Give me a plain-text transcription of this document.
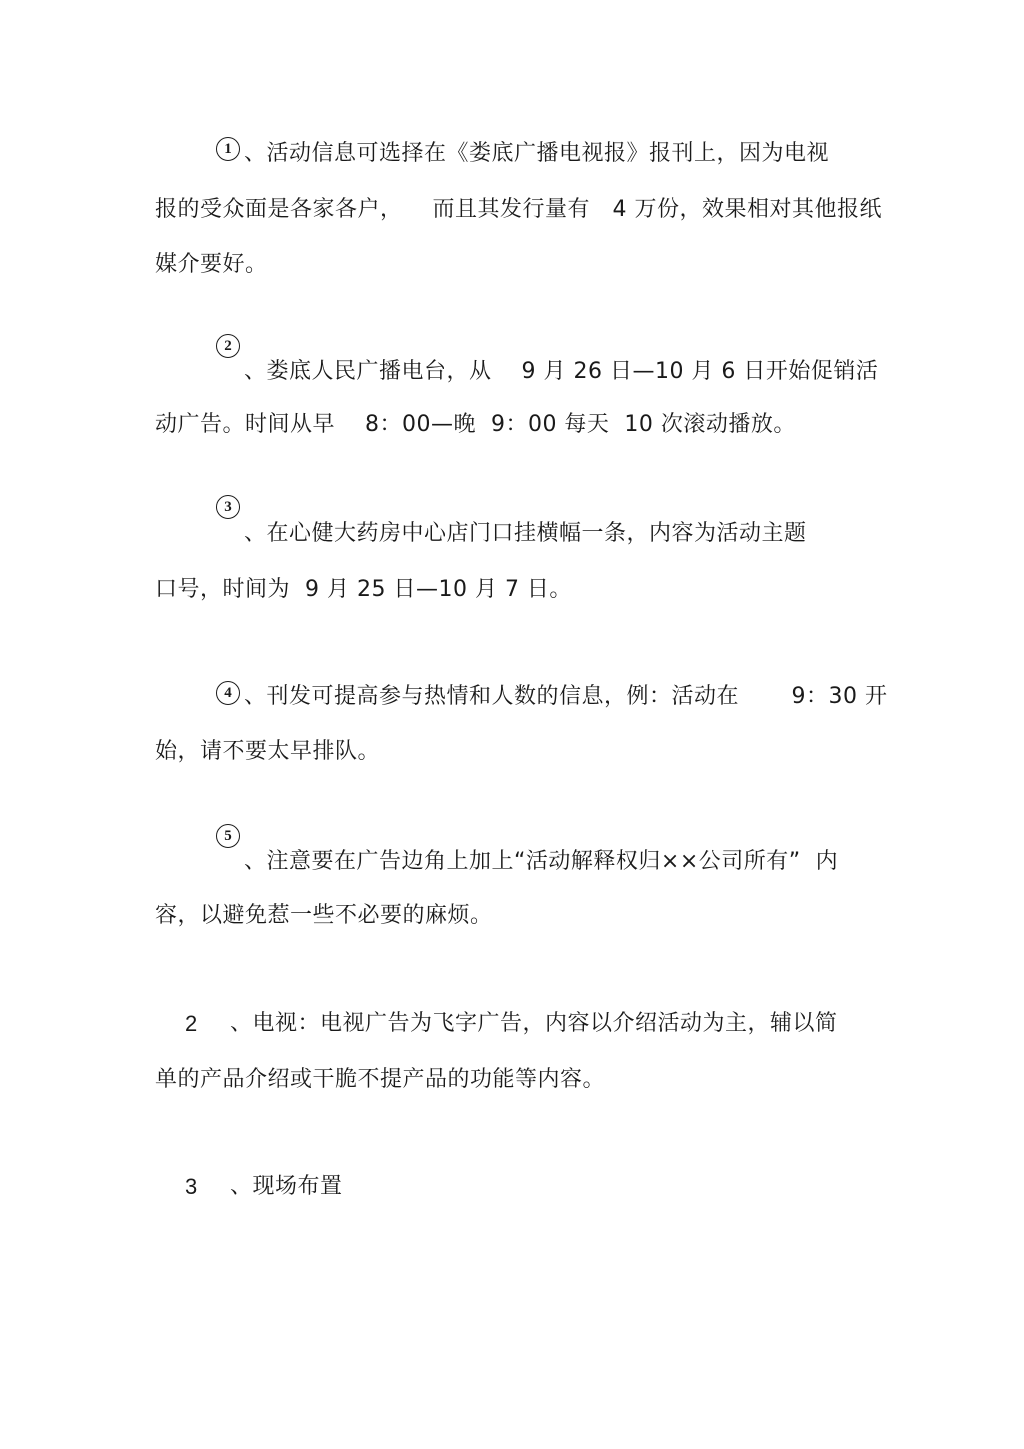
1 、活动信息可选择在《娄底广播电视报》报刊上，因为电视
报的受众面是各家各户，    而且其发行量有   4 万份，效果相对其他报纸
媒介要好。
2
、娄底人民广播电台，从    9 月 26 日—10 月 6 日开始促销活
动广告。时间从早    8：00—晚  9：00 每天  10 次滚动播放。
3
、在心健大药房中心店门口挂横幅一条，内容为活动主题
口号，时间为  9 月 25 日—10 月 7 日。
4 、刊发可提高参与热情和人数的信息，例：活动在       9：30 开
始，请不要太早排队。
5
、注意要在广告边角上加上“活动解释权归××公司所有”  内
容，以避免惹一些不必要的麻烦。
2 、电视：电视广告为飞字广告，内容以介绍活动为主，辅以简
单的产品介绍或干脆不提产品的功能等内容。
3 、现场布置
